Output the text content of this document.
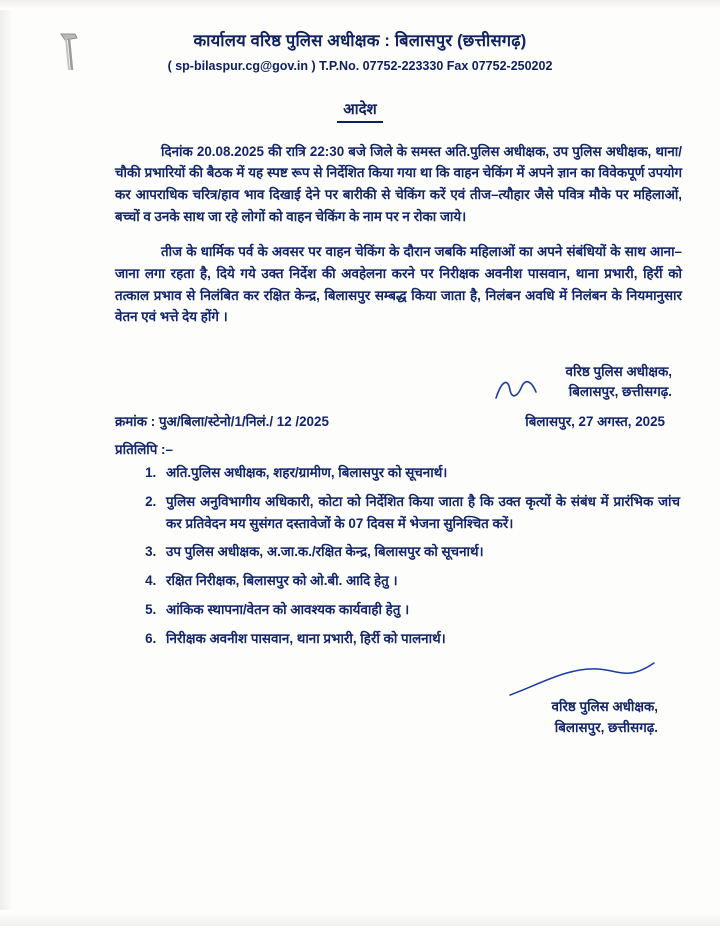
कार्यालय वरिष्ठ पुलिस अधीक्षक : बिलासपुर (छत्तीसगढ़)
( sp-bilaspur.cg@gov.in ) T.P.No. 07752-223330 Fax 07752-250202
आदेश

दिनांक 20.08.2025 की रात्रि 22:30 बजे जिले के समस्त अति.पुलिस अधीक्षक, उप पुलिस अधीक्षक, थाना/चौकी प्रभारियों की बैठक में यह स्पष्ट रूप से निर्देशित किया गया था कि वाहन चेकिंग में अपने ज्ञान का विवेकपूर्ण उपयोग कर आपराधिक चरित्र/हाव भाव दिखाई देने पर बारीकी से चेकिंग करें एवं तीज–त्यौहार जैसे पवित्र मौके पर महिलाओं, बच्चों व उनके साथ जा रहे लोगों को वाहन चेकिंग के नाम पर न रोका जाये।

तीज के धार्मिक पर्व के अवसर पर वाहन चेकिंग के दौरान जबकि महिलाओं का अपने संबंधियों के साथ आना–जाना लगा रहता है, दिये गये उक्त निर्देश की अवहेलना करने पर निरीक्षक अवनीश पासवान, थाना प्रभारी, हिर्री को तत्काल प्रभाव से निलंबित कर रक्षित केन्द्र, बिलासपुर सम्बद्ध किया जाता है, निलंबन अवधि में निलंबन के नियमानुसार वेतन एवं भत्ते देय होंगे ।

वरिष्ठ पुलिस अधीक्षक,
बिलासपुर, छत्तीसगढ़.
क्रमांक : पुअ/बिला/स्टेनो/1/निलं./ 12 /2025	बिलासपुर, 27 अगस्त, 2025
प्रतिलिपि :–
1. अति.पुलिस अधीक्षक, शहर/ग्रामीण, बिलासपुर को सूचनार्थ।
2. पुलिस अनुविभागीय अधिकारी, कोटा को निर्देशित किया जाता है कि उक्त कृत्यों के संबंध में प्रारंभिक जांच कर प्रतिवेदन मय सुसंगत दस्तावेजों के 07 दिवस में भेजना सुनिश्चित करें।
3. उप पुलिस अधीक्षक, अ.जा.क./रक्षित केन्द्र, बिलासपुर को सूचनार्थ।
4. रक्षित निरीक्षक, बिलासपुर को ओ.बी. आदि हेतु ।
5. आंकिक स्थापना/वेतन को आवश्यक कार्यवाही हेतु ।
6. निरीक्षक अवनीश पासवान, थाना प्रभारी, हिर्री को पालनार्थ।
वरिष्ठ पुलिस अधीक्षक,
बिलासपुर, छत्तीसगढ़.
